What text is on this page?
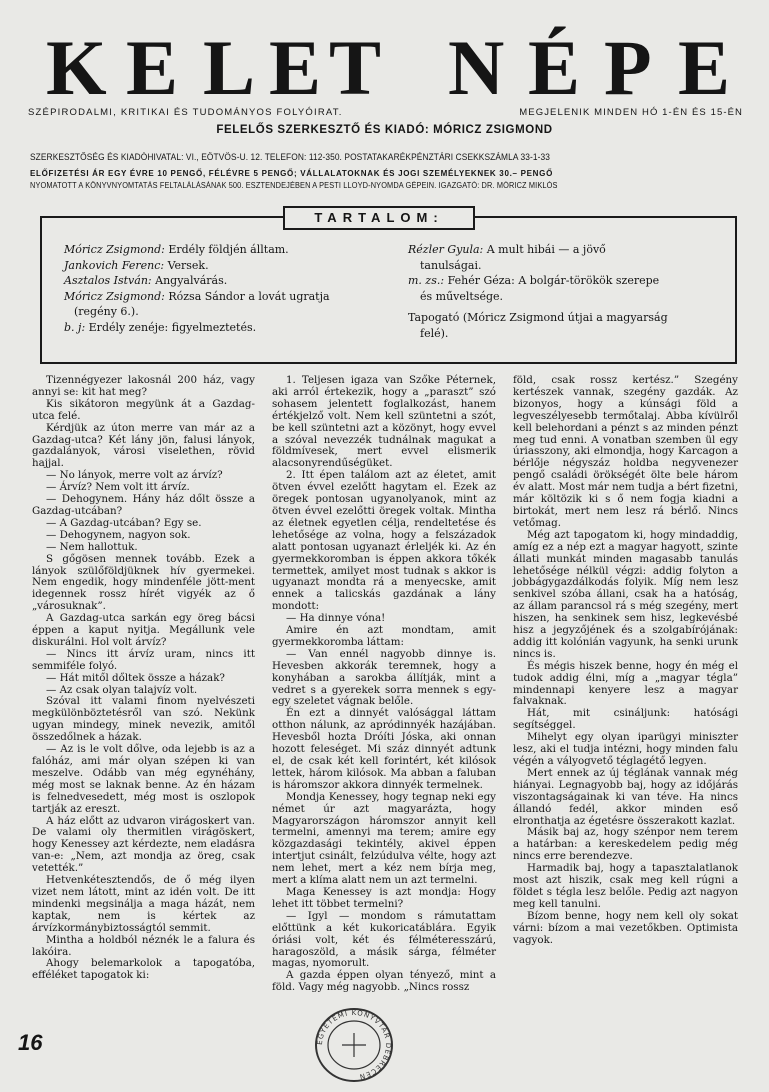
K E L E T N É P E
SZÉPIRODALMI, KRITIKAI ÉS TUDOMÁNYOS FOLYÓIRAT.	MEGJELENIK MINDEN HÓ 1-ÉN ÉS 15-ÉN
FELELŐS SZERKESZTŐ ÉS KIADÓ: MÓRICZ ZSIGMOND
SZERKESZTŐSÉG ÉS KIADÓHIVATAL: VI., EÖTVÖS-U. 12. TELEFON: 112-350. POSTATAKARÉKPÉNZTÁRI CSEKKSZÁMLA 33-1-33
ELŐFIZETÉSI ÁR EGY ÉVRE 10 PENGŐ, FÉLÉVRE 5 PENGŐ; VÁLLALATOKNAK ÉS JOGI SZEMÉLYEKNEK 30.– PENGŐ
NYOMATOTT A KÖNYVNYOMTATÁS FELTALÁLÁSÁNAK 500. ESZTENDEJÉBEN A PESTI LLOYD-NYOMDA GÉPEIN. IGAZGATÓ: DR. MÓRICZ MIKLÓS
TARTALOM:
Móricz Zsigmond: Erdély földjén álltam.
Jankovich Ferenc: Versek.
Asztalos István: Angyalvárás.
Móricz Zsigmond: Rózsa Sándor a lovát ugratja
(regény 6.).
b. j: Erdély zenéje: figyelmeztetés.
Rézler Gyula: A mult hibái — a jövő
tanulságai.
m. zs.: Fehér Géza: A bolgár-törökök szerepe
és műveltsége.
Tapogató (Móricz Zsigmond útjai a magyarság
felé).

Tizennégyezer lakosnál 200 ház, vagy annyi se: kit hat meg?

Kis sikátoron megyünk át a Gazdag-utca felé.

Kérdjük az úton merre van már az a Gazdag-utca? Két lány jön, falusi lányok, gazdalányok, városi viselethen, rövid hajjal.

— No lányok, merre volt az árvíz?

— Árvíz? Nem volt itt árvíz.

— Dehogynem. Hány ház dőlt össze a Gazdag-utcában?

— A Gazdag-utcában? Egy se.

— Dehogynem, nagyon sok.

— Nem hallottuk.

S gőgösen mennek tovább. Ezek a lányok szülőföldjüknek hív gyermekei. Nem engedik, hogy mindenféle jött-ment idegennek rossz hírét vigyék az ő „városuknak”.

A Gazdag-utca sarkán egy öreg bácsi éppen a kaput nyitja. Megállunk vele diskurálni. Hol volt árvíz?

— Nincs itt árvíz uram, nincs itt semmiféle folyó.

— Hát mitől dőltek össze a házak?

— Az csak olyan talajvíz volt.

Szóval itt valami finom nyelvészeti megkülönböztetésről van szó. Nekünk ugyan mindegy, minek nevezik, amitől összedőlnek a házak.

— Az is le volt dőlve, oda lejebb is az a falóház, ami már olyan szépen ki van meszelve. Odább van még egynéhány, még most se laknak benne. Az én házam is felnedvesedett, még most is oszlopok tartják az ereszt.

A ház előtt az udvaron virágoskert van. De valami oly thermitlen virágöskert, hogy Kenessey azt kérdezte, nem eladásra van-e: „Nem, azt mondja az öreg, csak vetették.”

Hetvenkétesztendős, de ő még ilyen vizet nem látott, mint az idén volt. De itt mindenki megsinálja a maga házát, nem kaptak, nem is kértek az árvízkormánybiztosságtól semmit.

Mintha a holdból néznék le a falura és lakóira.

Ahogy belemarkolok a tapogatóba, efféléket tapogatok ki:

1. Teljesen igaza van Szőke Péternek, aki arról értekezik, hogy a „paraszt” szó sohasem jelentett foglalkozást, hanem értékjelző volt. Nem kell szüntetni a szót, be kell szüntetni azt a közönyt, hogy evvel a szóval nevezzék tudnálnak magukat a földmívesek, mert evvel elismerik alacsonyrendűségüket.

2. Itt épen találom azt az életet, amit ötven évvel ezelőtt hagytam el. Ezek az öregek pontosan ugyanolyanok, mint az ötven évvel ezelőtti öregek voltak. Mintha az életnek egyetlen célja, rendeltetése és lehetősége az volna, hogy a felszázadok alatt pontosan ugyanazt érleljék ki. Az én gyermekkoromban is éppen akkora tőkék termettek, amilyet most tudnak s akkor is ugyanazt mondta rá a menyecske, amit ennek a talicskás gazdának a lány mondott:

— Ha dinnye vóna!

Amire én azt mondtam, amit gyermekkoromba láttam:

— Van ennél nagyobb dinnye is. Hevesben akkorák teremnek, hogy a konyhában a sarokba állítják, mint a vedret s a gyerekek sorra mennek s egy-egy szeletet vágnak belőle.

Én ezt a dinnyét valósággal láttam otthon nálunk, az apródinnyék hazájában. Hevesből hozta Dróíti Jóska, aki onnan hozott feleséget. Mi száz dinnyét adtunk el, de csak két kell forintért, két kilósok lettek, három kilósok. Ma abban a faluban is háromszor akkora dinnyék termelnek.

Mondja Kenessey, hogy tegnap neki egy német úr azt magyarázta, hogy Magyarországon háromszor annyit kell termelni, amennyi ma terem; amire egy közgazdasági tekintély, akivel éppen intertjut csinált, felzúdulva vélte, hogy azt nem lehet, mert a kéz nem bírja meg, mert a klíma alatt nem un azt termelni.

Maga Kenessey is azt mondja: Hogy lehet itt többet termelni?

— Igyl — mondom s rámutattam előttünk a két kukoricatáblára. Egyik óriási volt, két és félméteresszárú, haragoszöld, a másik sárga, félméter magas, nyomorult.

A gazda éppen olyan tényező, mint a föld. Vagy még nagyobb. „Nincs rossz

föld, csak rossz kertész.” Szegény kertészek vannak, szegény gazdák. Az bizonyos, hogy a kúnsági föld a legveszélyesebb termőtalaj. Abba kívülről kell belehordani a pénzt s az minden pénzt meg tud enni. A vonatban szemben ül egy úriasszony, aki elmondja, hogy Karcagon a bérlője négyszáz holdba negyvenezer pengő családi örökségét ölte bele három év alatt. Most már nem tudja a bért fizetni, már költözik ki s ő nem fogja kiadni a birtokát, mert nem lesz rá bérlő. Nincs vetőmag.

Még azt tapogatom ki, hogy mindaddig, amíg ez a nép ezt a magyar hagyott, szinte állati munkát minden magasabb tanulás lehetősége nélkül végzi: addig folyton a jobbágygazdálkodás folyik. Míg nem lesz senkivel szóba állani, csak ha a hatóság, az állam parancsol rá s még szegény, mert hiszen, ha senkinek sem hisz, legkevésbé hisz a jegyzőjének és a szolgabírójának: addig itt kolónián vagyunk, ha senki urunk nincs is.

És mégis hiszek benne, hogy én még el tudok addig élni, míg a „magyar tégla” mindennapi kenyere lesz a magyar falvaknak.

Hát, mit csináljunk: hatósági segítséggel.

Mihelyt egy olyan iparügyi miniszter lesz, aki el tudja intézni, hogy minden falu végén a vályogvető téglagétő legyen.

Mert ennek az új téglának vannak még hiányai. Legnagyobb baj, hogy az időjárás viszontagságainak ki van téve. Ha nincs állandó fedél, akkor minden eső elronthatja az égetésre összerakott kazlat.

Másik baj az, hogy szénpor nem terem a határban: a kereskedelem pedig még nincs erre berendezve.

Harmadik baj, hogy a tapasztalatlanok most azt hiszik, csak meg kell rúgni a földet s tégla lesz belőle. Pedig azt nagyon meg kell tanulni.

Bízom benne, hogy nem kell oly sokat várni: bízom a mai vezetőkben. Optimista vagyok.

16	EGYETEMI KÖNYVTÁR DEBRECEN
